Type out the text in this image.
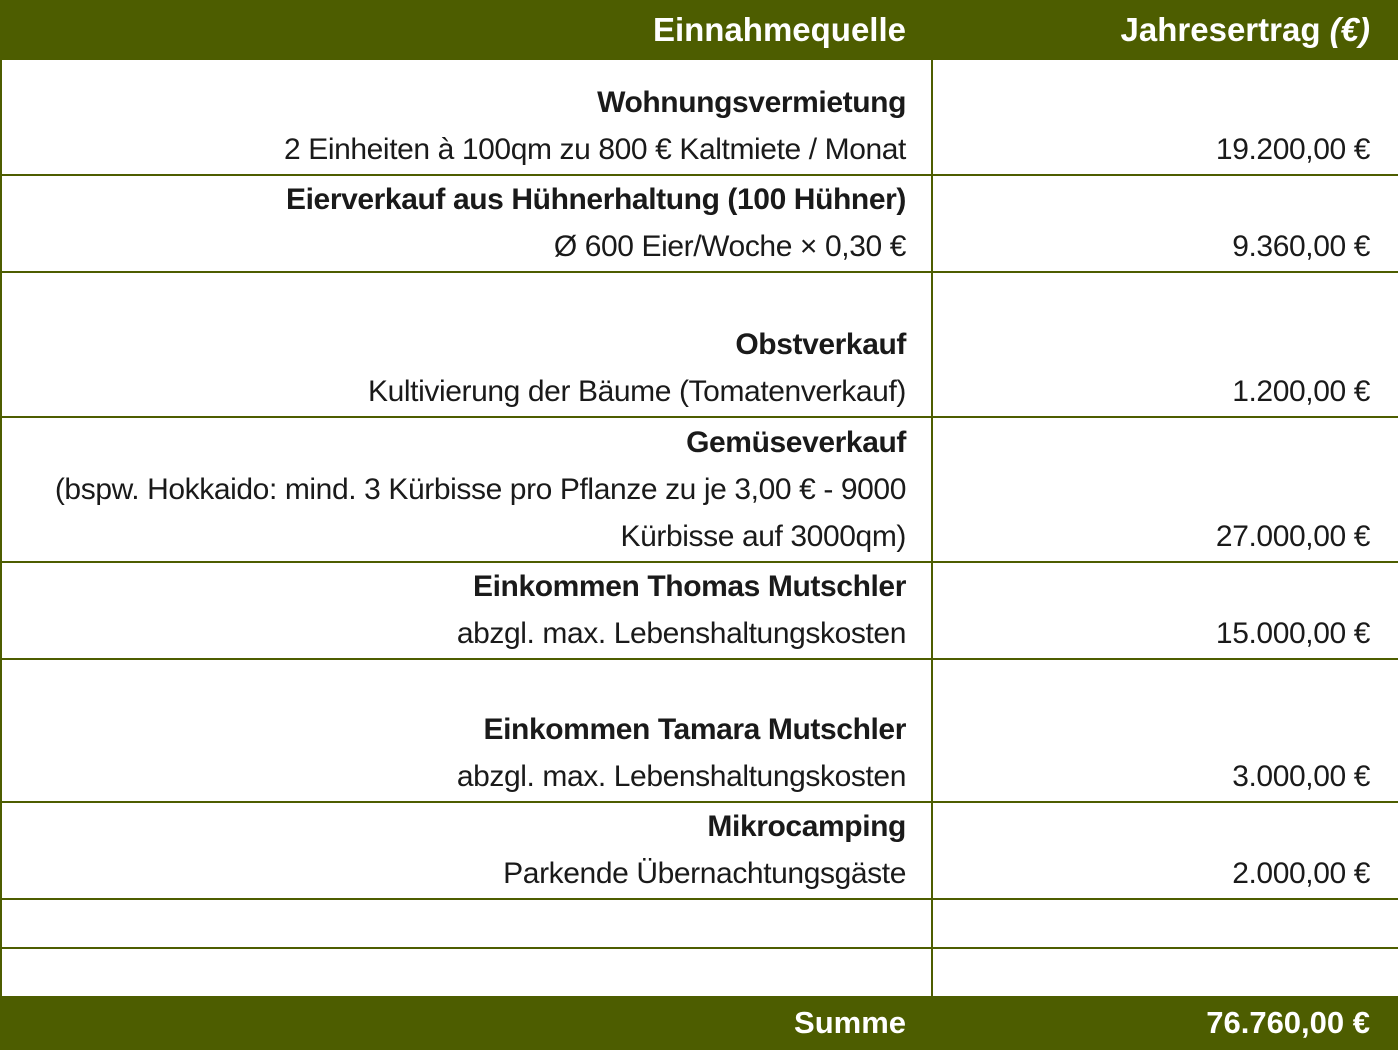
Einnahmequelle	Jahresertrag (€)

Wohnungsvermietung
2 Einheiten à 100qm zu 800 € Kaltmiete / Monat	19.200,00 €

Eierverkauf aus Hühnerhaltung (100 Hühner)
Ø 600 Eier/Woche × 0,30 €	9.360,00 €

Obstverkauf
Kultivierung der Bäume (Tomatenverkauf)	1.200,00 €

Gemüseverkauf
(bspw. Hokkaido: mind. 3 Kürbisse pro Pflanze zu je 3,00 € - 9000
Kürbisse auf 3000qm)	27.000,00 €

Einkommen Thomas Mutschler
abzgl. max. Lebenshaltungskosten	15.000,00 €

Einkommen Tamara Mutschler
abzgl. max. Lebenshaltungskosten	3.000,00 €

Mikrocamping
Parkende Übernachtungsgäste	2.000,00 €

Summe	76.760,00 €
